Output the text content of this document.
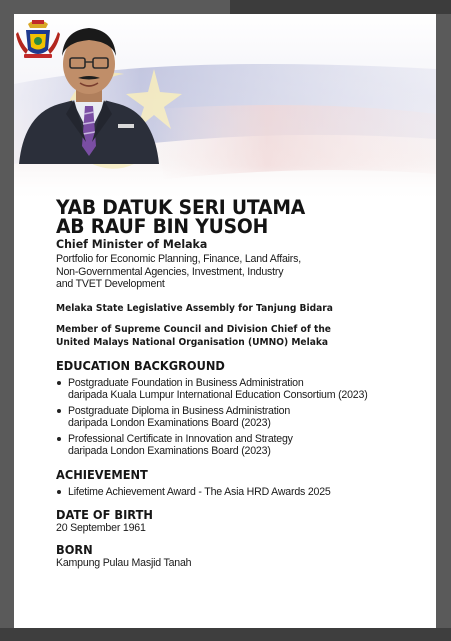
YAB DATUK SERI UTAMA

AB RAUF BIN YUSOH

Chief Minister of Melaka

Portfolio for Economic Planning, Finance, Land Affairs,
Non-Governmental Agencies, Investment, Industry
and TVET Development

Melaka State Legislative Assembly for Tanjung Bidara

Member of Supreme Council and Division Chief of the

United Malays National Organisation (UMNO) Melaka

EDUCATION BACKGROUND

Postgraduate Foundation in Business Administration
daripada Kuala Lumpur International Education Consortium (2023)
Postgraduate Diploma in Business Administration
daripada London Examinations Board (2023)
Professional Certificate in Innovation and Strategy
daripada London Examinations Board (2023)

ACHIEVEMENT

Lifetime Achievement Award - The Asia HRD Awards 2025

DATE OF BIRTH

20 September 1961

BORN

Kampung Pulau Masjid Tanah
